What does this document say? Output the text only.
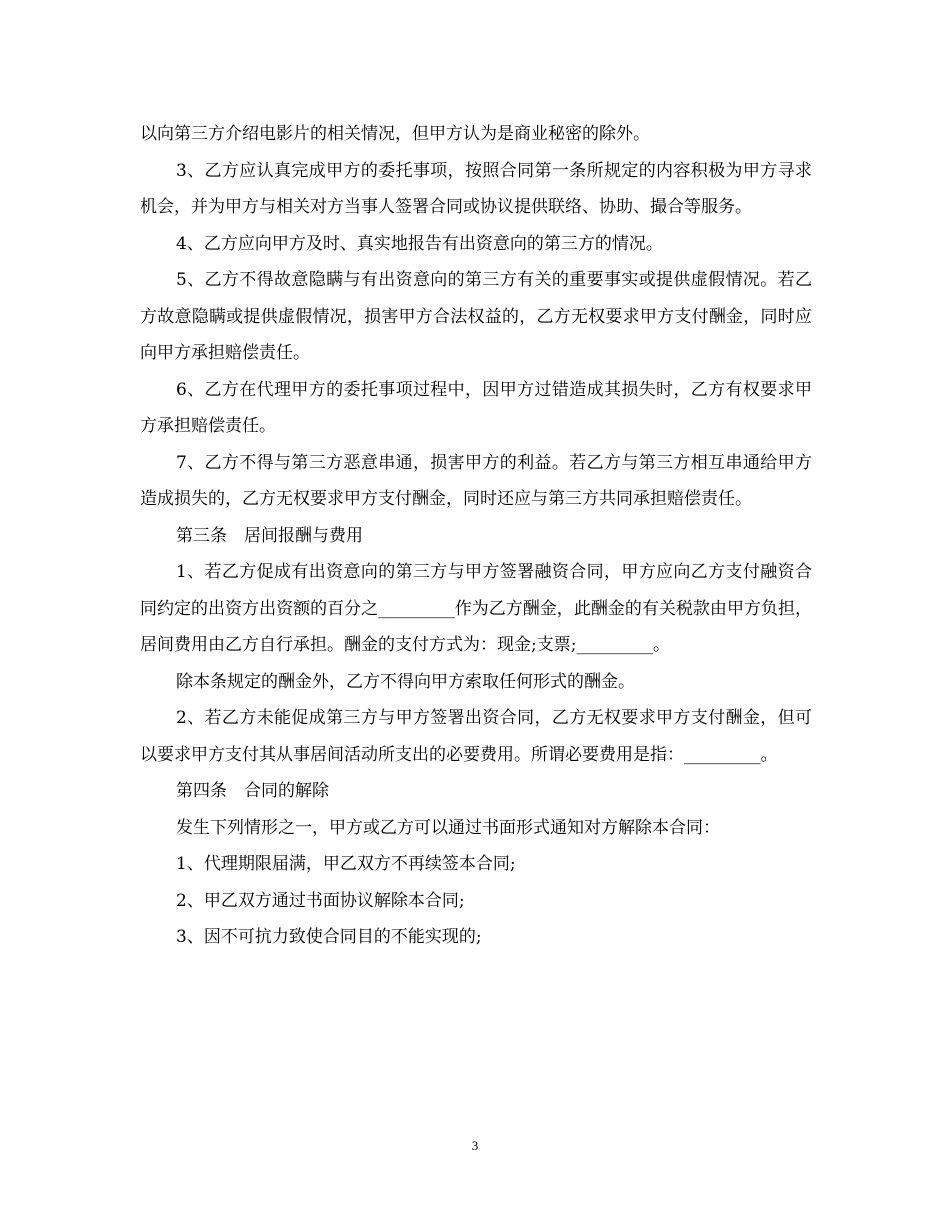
以向第三方介绍电影片的相关情况，但甲方认为是商业秘密的除外。

3、乙方应认真完成甲方的委托事项，按照合同第一条所规定的内容积极为甲方寻求机会，并为甲方与相关对方当事人签署合同或协议提供联络、协助、撮合等服务。

4、乙方应向甲方及时、真实地报告有出资意向的第三方的情况。

5、乙方不得故意隐瞒与有出资意向的第三方有关的重要事实或提供虚假情况。若乙方故意隐瞒或提供虚假情况，损害甲方合法权益的，乙方无权要求甲方支付酬金，同时应向甲方承担赔偿责任。

6、乙方在代理甲方的委托事项过程中，因甲方过错造成其损失时，乙方有权要求甲方承担赔偿责任。

7、乙方不得与第三方恶意串通，损害甲方的利益。若乙方与第三方相互串通给甲方造成损失的，乙方无权要求甲方支付酬金，同时还应与第三方共同承担赔偿责任。

第三条　居间报酬与费用

1、若乙方促成有出资意向的第三方与甲方签署融资合同，甲方应向乙方支付融资合同约定的出资方出资额的百分之_________作为乙方酬金，此酬金的有关税款由甲方负担，居间费用由乙方自行承担。酬金的支付方式为：现金;支票;_________。

除本条规定的酬金外，乙方不得向甲方索取任何形式的酬金。

2、若乙方未能促成第三方与甲方签署出资合同，乙方无权要求甲方支付酬金，但可以要求甲方支付其从事居间活动所支出的必要费用。所谓必要费用是指：_________。

第四条　合同的解除

发生下列情形之一，甲方或乙方可以通过书面形式通知对方解除本合同：

1、代理期限届满，甲乙双方不再续签本合同;

2、甲乙双方通过书面协议解除本合同;

3、因不可抗力致使合同目的不能实现的;

3
